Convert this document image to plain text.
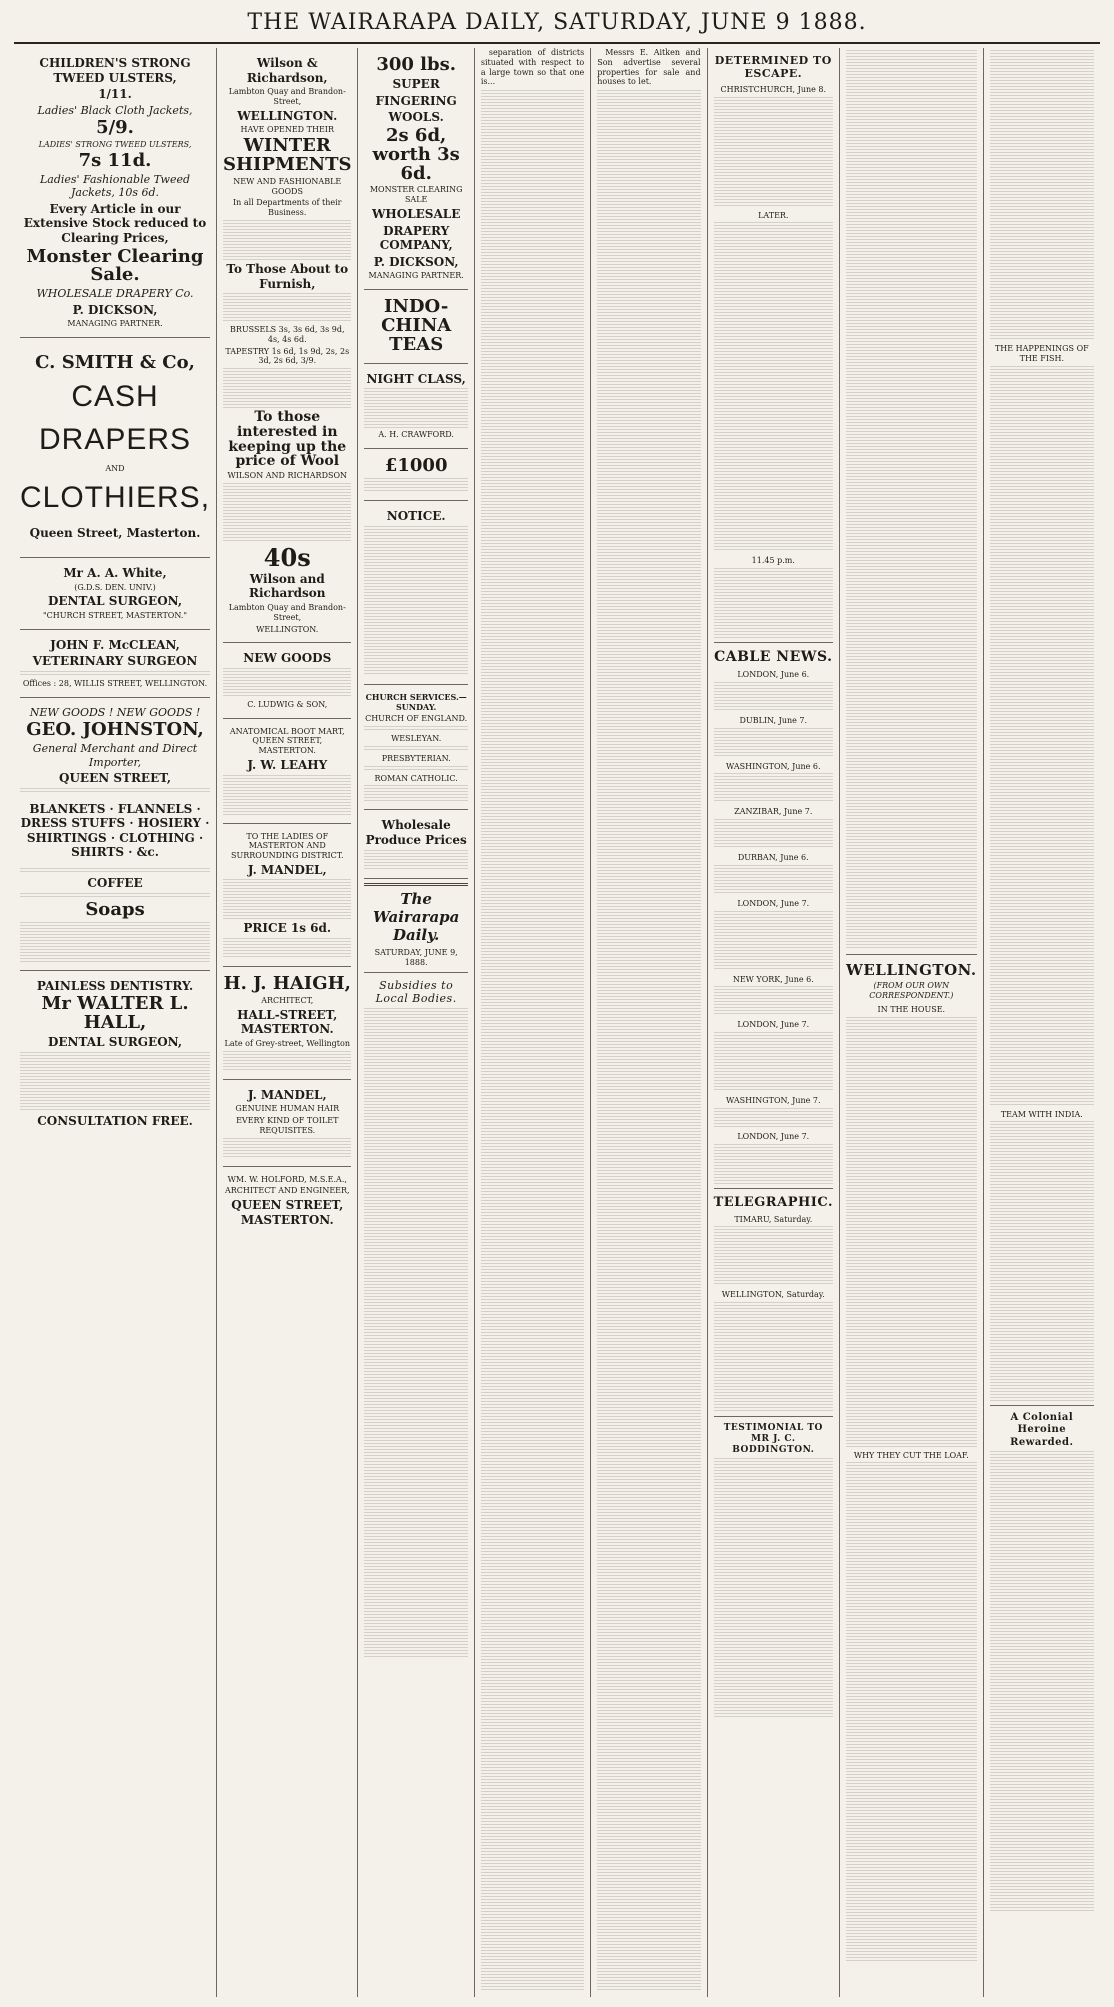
THE WAIRARAPA DAILY, SATURDAY, JUNE 9 1888.

CHILDREN'S STRONG TWEED ULSTERS,

1/11.

Ladies' Black Cloth Jackets,

5/9.

LADIES' STRONG TWEED ULSTERS,

7s 11d.

Ladies' Fashionable Tweed Jackets, 10s 6d.

Every Article in our Extensive Stock reduced to Clearing Prices,

Monster Clearing Sale.

WHOLESALE DRAPERY Co.

P. DICKSON,

MANAGING PARTNER.

C. SMITH & Co,

CASH

DRAPERS

AND

CLOTHIERS,

Queen Street, Masterton.

Mr A. A. White,

(G.D.S. DEN. UNIV.)

DENTAL SURGEON,

"CHURCH STREET, MASTERTON."

JOHN F. McCLEAN,

VETERINARY SURGEON

Offices : 28, WILLIS STREET, WELLINGTON.

NEW GOODS ! NEW GOODS !

GEO. JOHNSTON,

General Merchant and Direct Importer,

QUEEN STREET,

BLANKETS · FLANNELS · DRESS STUFFS · HOSIERY · SHIRTINGS · CLOTHING · SHIRTS · &c.

COFFEE

Soaps

PAINLESS DENTISTRY.

Mr WALTER L. HALL,

DENTAL SURGEON,

CONSULTATION FREE.

Wilson & Richardson,

Lambton Quay and Brandon-Street,

WELLINGTON.

HAVE OPENED THEIR

WINTER SHIPMENTS

NEW AND FASHIONABLE GOODS

In all Departments of their Business.

To Those About to Furnish,

BRUSSELS 3s, 3s 6d, 3s 9d, 4s, 4s 6d.

TAPESTRY 1s 6d, 1s 9d, 2s, 2s 3d, 2s 6d, 3/9.

To those interested in keeping up the price of Wool

WILSON AND RICHARDSON

40s

Wilson and Richardson

Lambton Quay and Brandon-Street,

WELLINGTON.

NEW GOODS

C. LUDWIG & SON,

ANATOMICAL BOOT MART, QUEEN STREET, MASTERTON.

J. W. LEAHY

TO THE LADIES OF MASTERTON AND SURROUNDING DISTRICT.

J. MANDEL,

PRICE 1s 6d.

H. J. HAIGH,

ARCHITECT,

HALL-STREET, MASTERTON.

Late of Grey-street, Wellington

J. MANDEL,

GENUINE HUMAN HAIR

EVERY KIND OF TOILET REQUISITES.

WM. W. HOLFORD, M.S.E.A.,

ARCHITECT AND ENGINEER,

QUEEN STREET, MASTERTON.

300 lbs.

SUPER

FINGERING

WOOLS.

2s 6d, worth 3s 6d.

MONSTER CLEARING SALE

WHOLESALE

DRAPERY COMPANY,

P. DICKSON,

MANAGING PARTNER.

INDO-CHINA TEAS

NIGHT CLASS,

A. H. CRAWFORD.

£1000

NOTICE.

CHURCH SERVICES.—SUNDAY.

CHURCH OF ENGLAND.

WESLEYAN.

PRESBYTERIAN.

ROMAN CATHOLIC.

Wholesale Produce Prices

The Wairarapa Daily.

SATURDAY, JUNE 9, 1888.

Subsidies to Local Bodies.

separation of districts situated with respect to a large town so that one is...

Messrs E. Aitken and Son advertise several properties for sale and houses to let.

DETERMINED TO ESCAPE.

CHRISTCHURCH, June 8.

LATER.

11.45 p.m.

CABLE NEWS.

LONDON, June 6.

DUBLIN, June 7.

WASHINGTON, June 6.

ZANZIBAR, June 7.

DURBAN, June 6.

LONDON, June 7.

NEW YORK, June 6.

LONDON, June 7.

WASHINGTON, June 7.

LONDON, June 7.

TELEGRAPHIC.

TIMARU, Saturday.

WELLINGTON, Saturday.

TESTIMONIAL TO MR J. C. BODDINGTON.

WELLINGTON.

(FROM OUR OWN CORRESPONDENT.)

IN THE HOUSE.

WHY THEY CUT THE LOAF.

THE HAPPENINGS OF THE FISH.

TEAM WITH INDIA.

A Colonial Heroine Rewarded.
